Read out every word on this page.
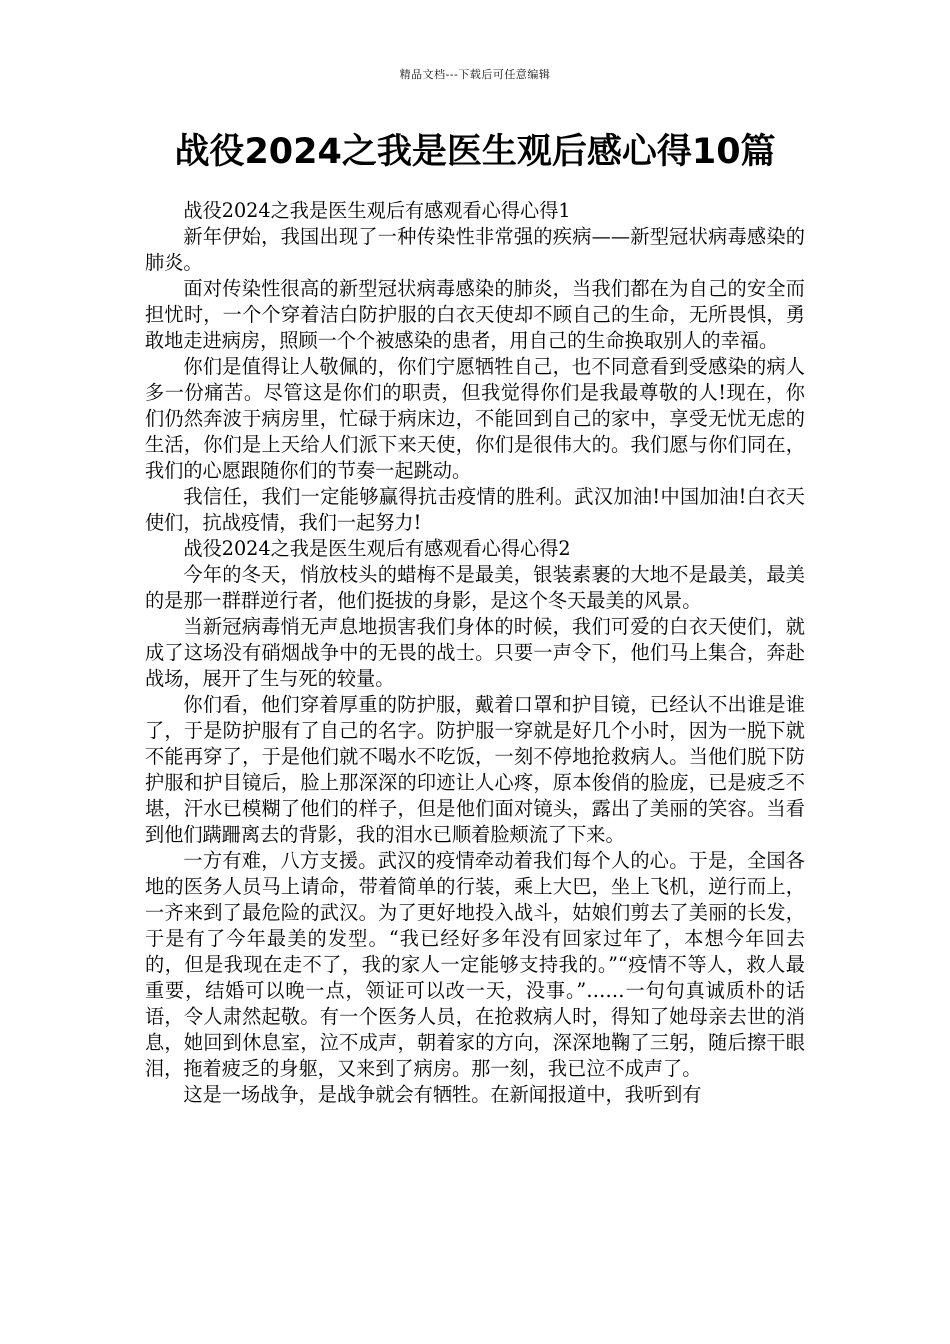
精品文档---下载后可任意编辑
战役2024之我是医生观后感心得10篇

战役2024之我是医生观后有感观看心得心得1

新年伊始，我国出现了一种传染性非常强的疾病——新型冠状病毒感染的肺炎。

面对传染性很高的新型冠状病毒感染的肺炎，当我们都在为自己的安全而担忧时，一个个穿着洁白防护服的白衣天使却不顾自己的生命，无所畏惧，勇敢地走进病房，照顾一个个被感染的患者，用自己的生命换取别人的幸福。

你们是值得让人敬佩的，你们宁愿牺牲自己，也不同意看到受感染的病人多一份痛苦。尽管这是你们的职责，但我觉得你们是我最尊敬的人!现在，你们仍然奔波于病房里，忙碌于病床边，不能回到自己的家中，享受无忧无虑的生活，你们是上天给人们派下来天使，你们是很伟大的。我们愿与你们同在，我们的心愿跟随你们的节奏一起跳动。

我信任，我们一定能够赢得抗击疫情的胜利。武汉加油!中国加油!白衣天使们，抗战疫情，我们一起努力!

战役2024之我是医生观后有感观看心得心得2

今年的冬天，悄放枝头的蜡梅不是最美，银装素裹的大地不是最美，最美的是那一群群逆行者，他们挺拔的身影，是这个冬天最美的风景。

当新冠病毒悄无声息地损害我们身体的时候，我们可爱的白衣天使们，就成了这场没有硝烟战争中的无畏的战士。只要一声令下，他们马上集合，奔赴战场，展开了生与死的较量。

你们看，他们穿着厚重的防护服，戴着口罩和护目镜，已经认不出谁是谁了，于是防护服有了自己的名字。防护服一穿就是好几个小时，因为一脱下就不能再穿了，于是他们就不喝水不吃饭，一刻不停地抢救病人。当他们脱下防护服和护目镜后，脸上那深深的印迹让人心疼，原本俊俏的脸庞，已是疲乏不堪，汗水已模糊了他们的样子，但是他们面对镜头，露出了美丽的笑容。当看到他们蹒跚离去的背影，我的泪水已顺着脸颊流了下来。

一方有难，八方支援。武汉的疫情牵动着我们每个人的心。于是，全国各地的医务人员马上请命，带着简单的行装，乘上大巴，坐上飞机，逆行而上，一齐来到了最危险的武汉。为了更好地投入战斗，姑娘们剪去了美丽的长发，于是有了今年最美的发型。“我已经好多年没有回家过年了，本想今年回去的，但是我现在走不了，我的家人一定能够支持我的。”“疫情不等人，救人最重要，结婚可以晚一点，领证可以改一天，没事。”……一句句真诚质朴的话语，令人肃然起敬。有一个医务人员，在抢救病人时，得知了她母亲去世的消息，她回到休息室，泣不成声，朝着家的方向，深深地鞠了三躬，随后擦干眼泪，拖着疲乏的身躯，又来到了病房。那一刻，我已泣不成声了。

这是一场战争，是战争就会有牺牲。在新闻报道中，我听到有
